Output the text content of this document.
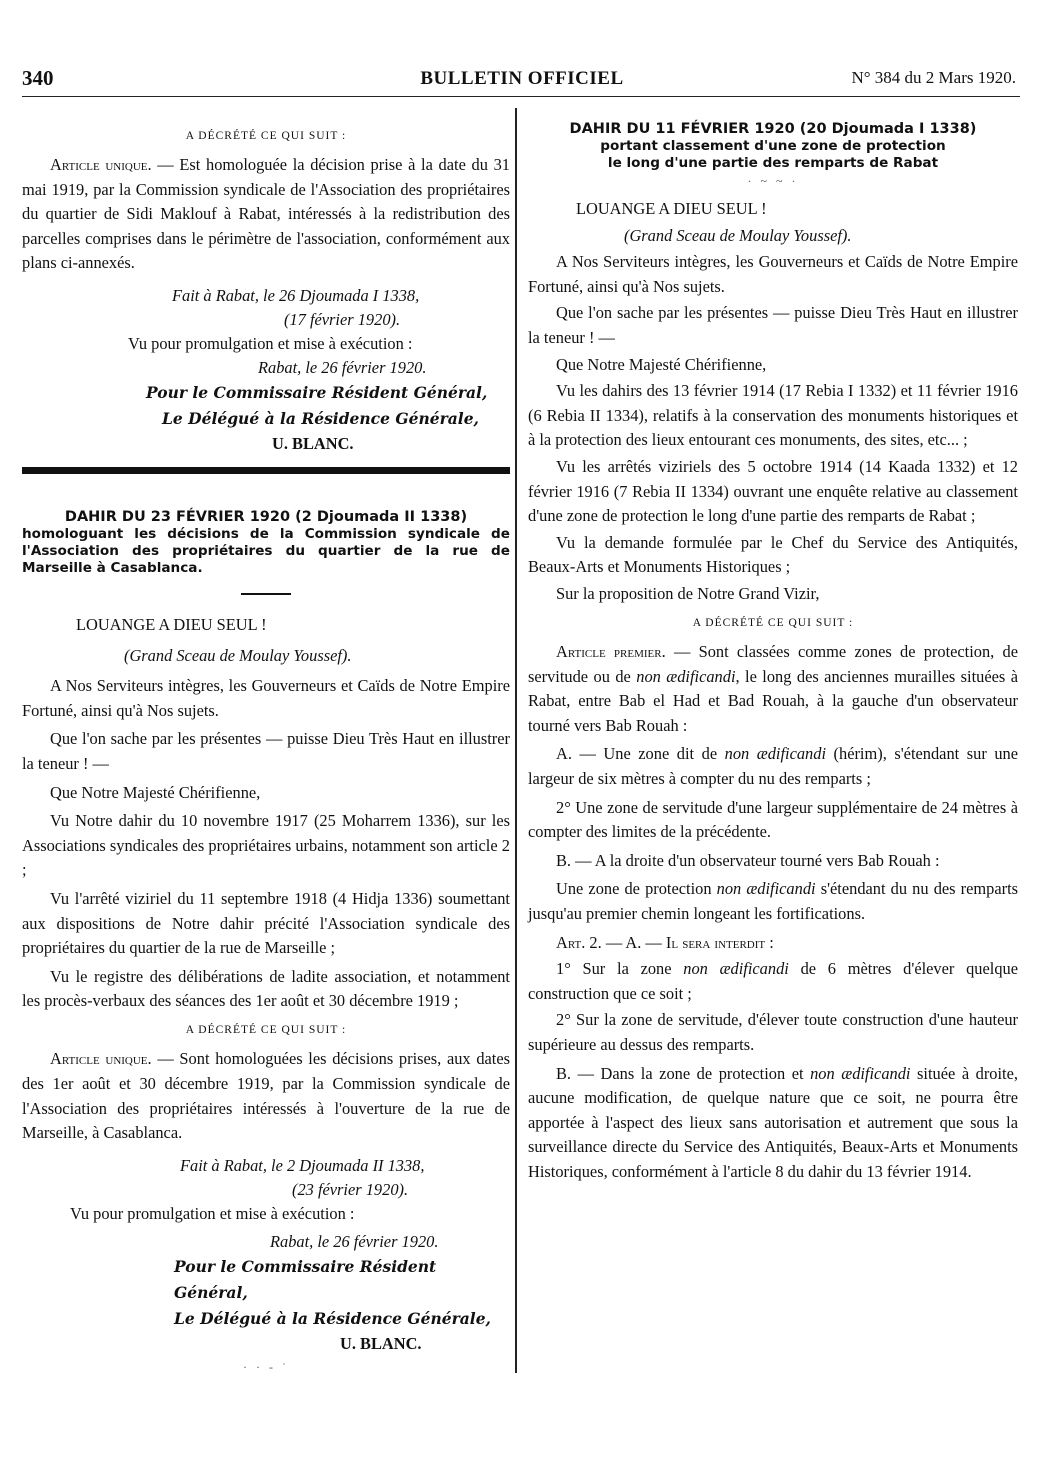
340	BULLETIN OFFICIEL	N° 384 du 2 Mars 1920.

A DÉCRÉTÉ CE QUI SUIT :

Article unique. — Est homologuée la décision prise à la date du 31 mai 1919, par la Commission syndicale de l'Association des propriétaires du quartier de Sidi Maklouf à Rabat, intéressés à la redistribution des parcelles comprises dans le périmètre de l'association, conformément aux plans ci-annexés.

Fait à Rabat, le 26 Djoumada I 1338,

(17 février 1920).

Vu pour promulgation et mise à exécution :

Rabat, le 26 février 1920.

Pour le Commissaire Résident Général,

Le Délégué à la Résidence Générale,

U. BLANC.

DAHIR DU 23 FÉVRIER 1920 (2 Djoumada II 1338)

homologuant les décisions de la Commission syndicale de l'Association des propriétaires du quartier de la rue de Marseille à Casablanca.

LOUANGE A DIEU SEUL !

(Grand Sceau de Moulay Youssef).

A Nos Serviteurs intègres, les Gouverneurs et Caïds de Notre Empire Fortuné, ainsi qu'à Nos sujets.

Que l'on sache par les présentes — puisse Dieu Très Haut en illustrer la teneur ! —

Que Notre Majesté Chérifienne,

Vu Notre dahir du 10 novembre 1917 (25 Moharrem 1336), sur les Associations syndicales des propriétaires urbains, notamment son article 2 ;

Vu l'arrêté viziriel du 11 septembre 1918 (4 Hidja 1336) soumettant aux dispositions de Notre dahir précité l'Association syndicale des propriétaires du quartier de la rue de Marseille ;

Vu le registre des délibérations de ladite association, et notamment les procès-verbaux des séances des 1er août et 30 décembre 1919 ;

A DÉCRÉTÉ CE QUI SUIT :

Article unique. — Sont homologuées les décisions prises, aux dates des 1er août et 30 décembre 1919, par la Commission syndicale de l'Association des propriétaires intéressés à l'ouverture de la rue de Marseille, à Casablanca.

Fait à Rabat, le 2 Djoumada II 1338,

(23 février 1920).

Vu pour promulgation et mise à exécution :

Rabat, le 26 février 1920.

Pour le Commissaire Résident Général,

Le Délégué à la Résidence Générale,

U. BLANC.

· · - ˙

DAHIR DU 11 FÉVRIER 1920 (20 Djoumada I 1338)

portant classement d'une zone de protection

le long d'une partie des remparts de Rabat

· ~ ~ ·

LOUANGE A DIEU SEUL !

(Grand Sceau de Moulay Youssef).

A Nos Serviteurs intègres, les Gouverneurs et Caïds de Notre Empire Fortuné, ainsi qu'à Nos sujets.

Que l'on sache par les présentes — puisse Dieu Très Haut en illustrer la teneur ! —

Que Notre Majesté Chérifienne,

Vu les dahirs des 13 février 1914 (17 Rebia I 1332) et 11 février 1916 (6 Rebia II 1334), relatifs à la conservation des monuments historiques et à la protection des lieux entourant ces monuments, des sites, etc... ;

Vu les arrêtés viziriels des 5 octobre 1914 (14 Kaada 1332) et 12 février 1916 (7 Rebia II 1334) ouvrant une enquête relative au classement d'une zone de protection le long d'une partie des remparts de Rabat ;

Vu la demande formulée par le Chef du Service des Antiquités, Beaux-Arts et Monuments Historiques ;

Sur la proposition de Notre Grand Vizir,

A DÉCRÉTÉ CE QUI SUIT :

Article premier. — Sont classées comme zones de protection, de servitude ou de non ædificandi, le long des anciennes murailles situées à Rabat, entre Bab el Had et Bad Rouah, à la gauche d'un observateur tourné vers Bab Rouah :

A. — Une zone dit de non ædificandi (hérim), s'étendant sur une largeur de six mètres à compter du nu des remparts ;

2° Une zone de servitude d'une largeur supplémentaire de 24 mètres à compter des limites de la précédente.

B. — A la droite d'un observateur tourné vers Bab Rouah :

Une zone de protection non ædificandi s'étendant du nu des remparts jusqu'au premier chemin longeant les fortifications.

Art. 2. — A. — Il sera interdit :

1° Sur la zone non ædificandi de 6 mètres d'élever quelque construction que ce soit ;

2° Sur la zone de servitude, d'élever toute construction d'une hauteur supérieure au dessus des remparts.

B. — Dans la zone de protection et non ædificandi située à droite, aucune modification, de quelque nature que ce soit, ne pourra être apportée à l'aspect des lieux sans autorisation et autrement que sous la surveillance directe du Service des Antiquités, Beaux-Arts et Monuments Historiques, conformément à l'article 8 du dahir du 13 février 1914.
